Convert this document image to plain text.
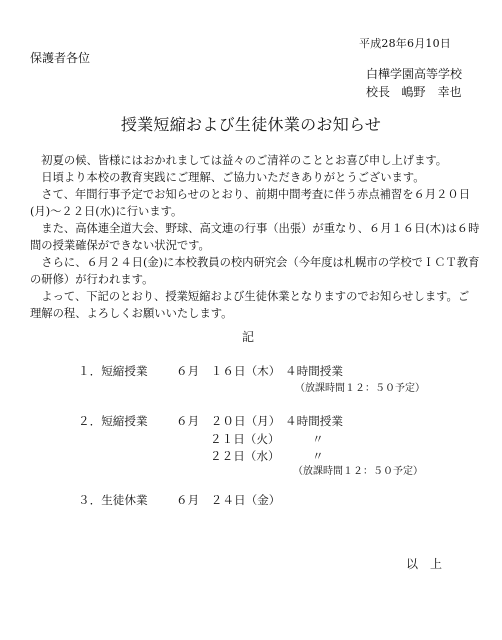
平成28年6月10日
保護者各位
白樺学園高等学校
校長 嶋野　幸也
授業短縮および生徒休業のお知らせ

　初夏の候、皆様にはおかれましては益々のご清祥のこととお喜び申し上げます。

　日頃より本校の教育実践にご理解、ご協力いただきありがとうございます。

　さて、年間行事予定でお知らせのとおり、前期中間考査に伴う赤点補習を６月２０日(月)～２２日(水)に行います。

　また、高体連全道大会、野球、高文連の行事（出張）が重なり、６月１６日(木)は６時間の授業確保ができない状況です。

　さらに、６月２４日(金)に本校教員の校内研究会（今年度は札幌市の学校でＩＣＴ教育の研修）が行われます。

　よって、下記のとおり、授業短縮および生徒休業となりますのでお知らせします。ご理解の程、よろしくお願いいたします。

記
１．短縮授業 ６月　１６日（木） ４時間授業
（放課時間１２：５０予定）
２．短縮授業 ６月　２０日（月） ４時間授業
２１日（火）	〃
２２日（水）	〃
（放課時間１２：５０予定）
３．生徒休業 ６月　２４日（金）
以　上
